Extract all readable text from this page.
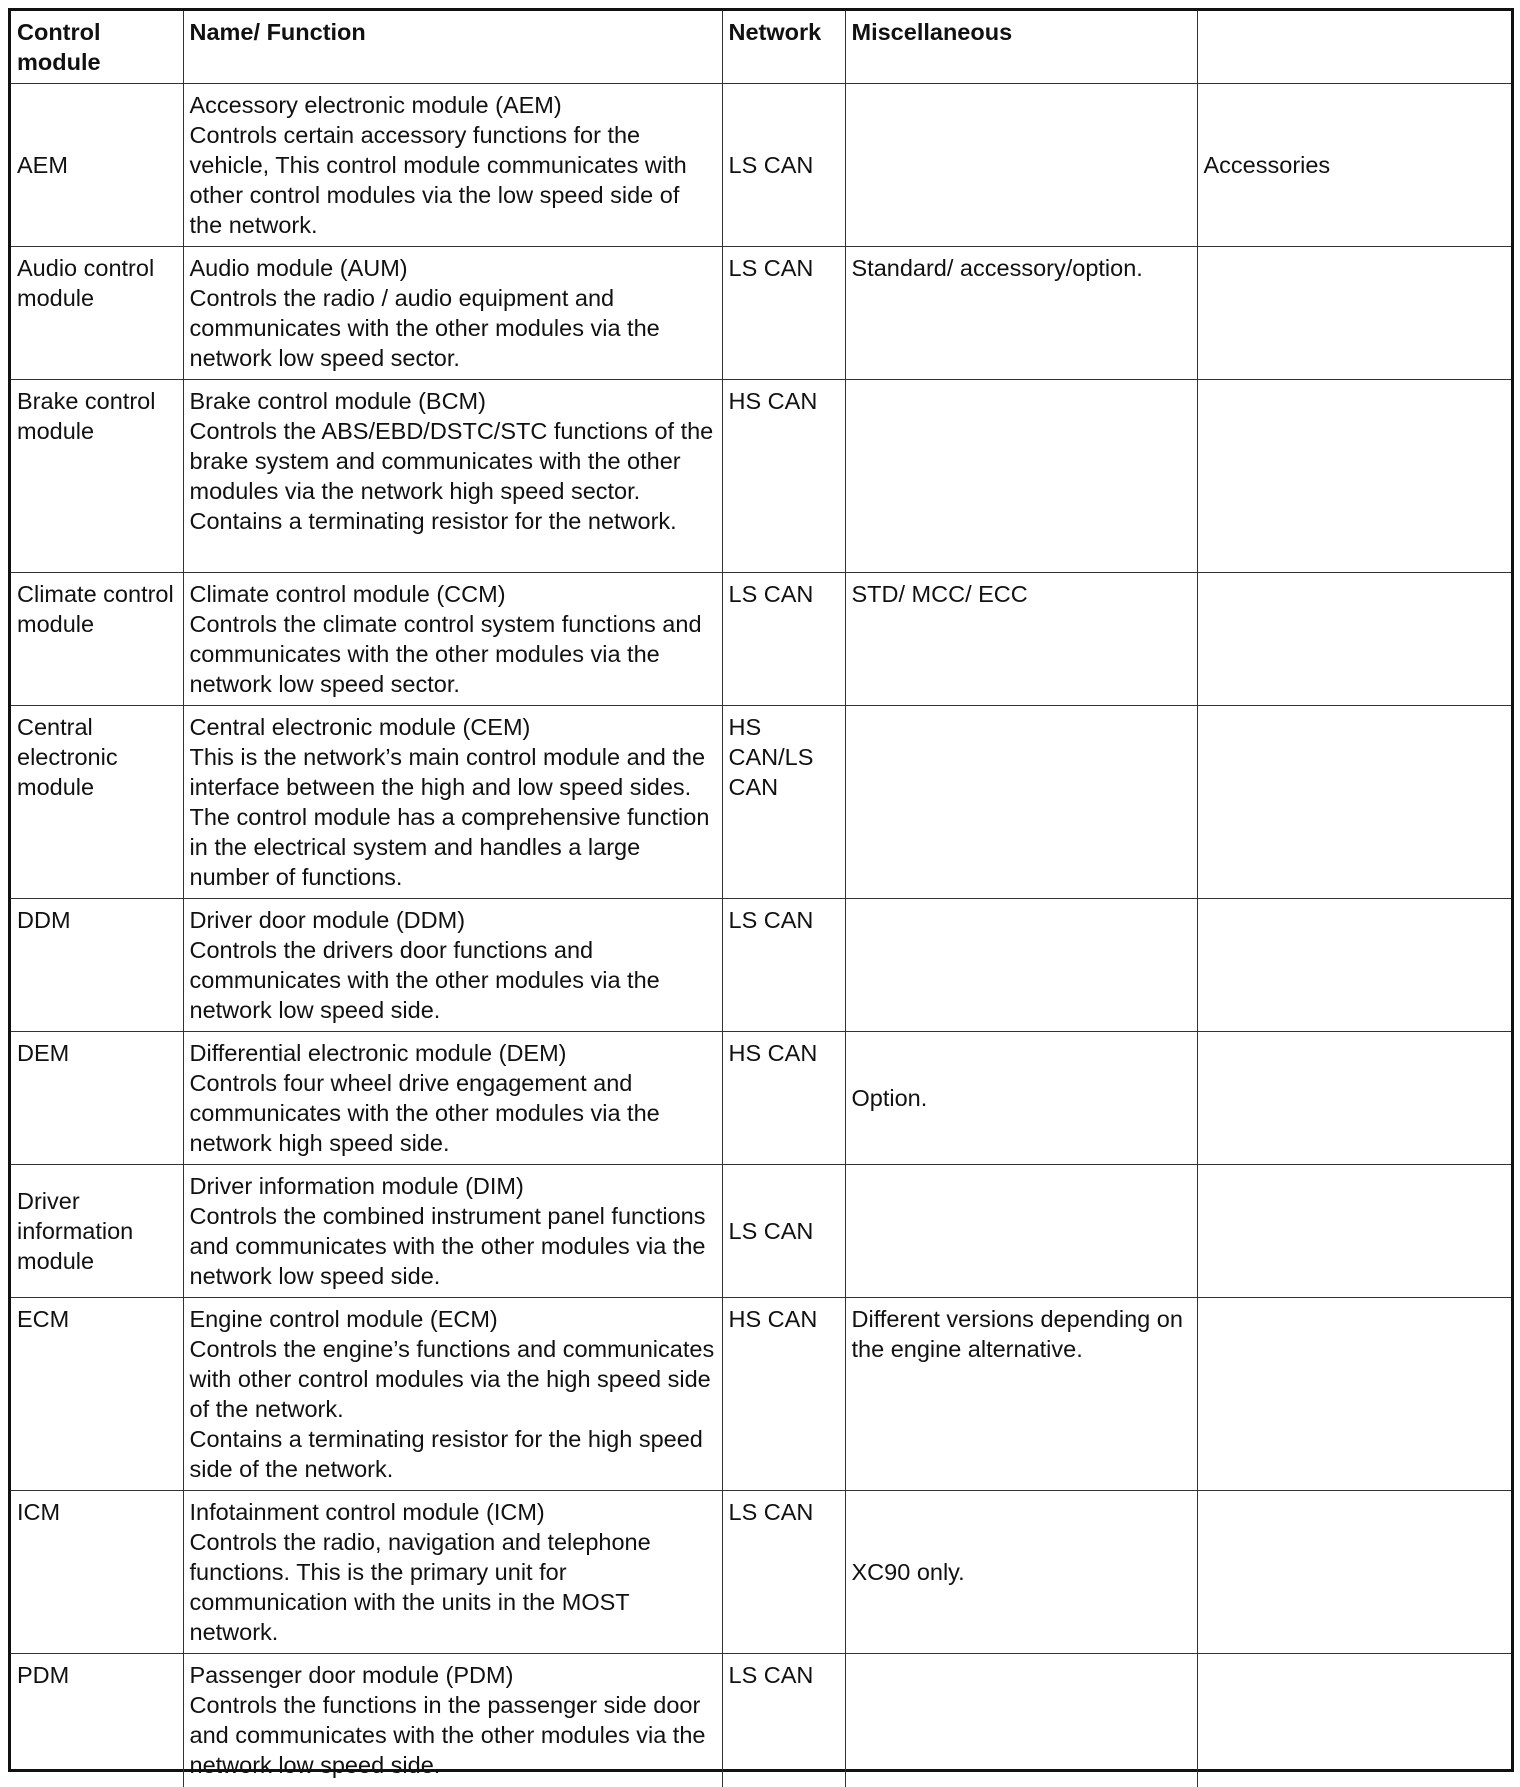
Control module	Name/ Function	Network	Miscellaneous	
AEM	Accessory electronic module (AEM)
Controls certain accessory functions for the vehicle, This control module communicates with other control modules via the low speed side of the network.	LS CAN		Accessories
Audio control module	Audio module (AUM)
Controls the radio / audio equipment and communicates with the other modules via the network low speed sector.	LS CAN	Standard/ accessory/option.	
Brake control module	Brake control module (BCM)
Controls the ABS/EBD/DSTC/STC functions of the brake system and communicates with the other modules via the network high speed sector. Contains a terminating resistor for the network.	HS CAN		
Climate control module	Climate control module (CCM)
Controls the climate control system functions and communicates with the other modules via the network low speed sector.	LS CAN	STD/ MCC/ ECC	
Central electronic module	Central electronic module (CEM)
This is the network’s main control module and the interface between the high and low speed sides. The control module has a comprehensive function in the electrical system and handles a large number of functions.	HS CAN/LS CAN		
DDM	Driver door module (DDM)
Controls the drivers door functions and communicates with the other modules via the network low speed side.	LS CAN		
DEM	Differential electronic module (DEM)
Controls four wheel drive engagement and communicates with the other modules via the network high speed side.	HS CAN	Option.	
Driver information module	Driver information module (DIM)
Controls the combined instrument panel functions and communicates with the other modules via the network low speed side.	LS CAN		
ECM	Engine control module (ECM)
Controls the engine’s functions and communicates with other control modules via the high speed side of the network.
Contains a terminating resistor for the high speed side of the network.	HS CAN	Different versions depending on the engine alternative.	
ICM	Infotainment control module (ICM)
Controls the radio, navigation and telephone functions. This is the primary unit for communication with the units in the MOST network.	LS CAN	XC90 only.	
PDM	Passenger door module (PDM)
Controls the functions in the passenger side door and communicates with the other modules via the network low speed side.	LS CAN		
